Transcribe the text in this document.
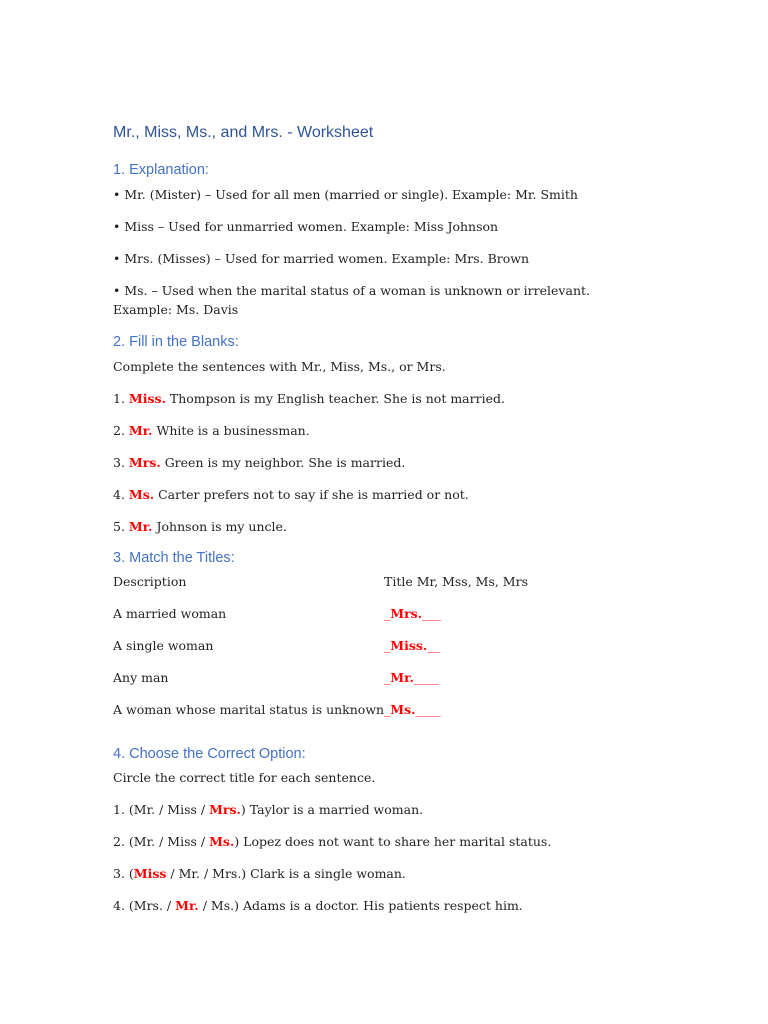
Mr., Miss, Ms., and Mrs. - Worksheet
1. Explanation:
• Mr. (Mister) – Used for all men (married or single). Example: Mr. Smith
• Miss – Used for unmarried women. Example: Miss Johnson
• Mrs. (Misses) – Used for married women. Example: Mrs. Brown
• Ms. – Used when the marital status of a woman is unknown or irrelevant. Example: Ms. Davis
2. Fill in the Blanks:
Complete the sentences with Mr., Miss, Ms., or Mrs.
1. Miss. Thompson is my English teacher. She is not married.
2. Mr. White is a businessman.
3. Mrs. Green is my neighbor. She is married.
4. Ms. Carter prefers not to say if she is married or not.
5. Mr. Johnson is my uncle.
3. Match the Titles:
Description	Title Mr, Mss, Ms, Mrs
A married woman	_Mrs.___
A single woman	_Miss.__
Any man	_Mr.____
A woman whose marital status is unknown _Ms.____
4. Choose the Correct Option:
Circle the correct title for each sentence.
1. (Mr. / Miss / Mrs.) Taylor is a married woman.
2. (Mr. / Miss / Ms.) Lopez does not want to share her marital status.
3. (Miss / Mr. / Mrs.) Clark is a single woman.
4. (Mrs. / Mr. / Ms.) Adams is a doctor. His patients respect him.
